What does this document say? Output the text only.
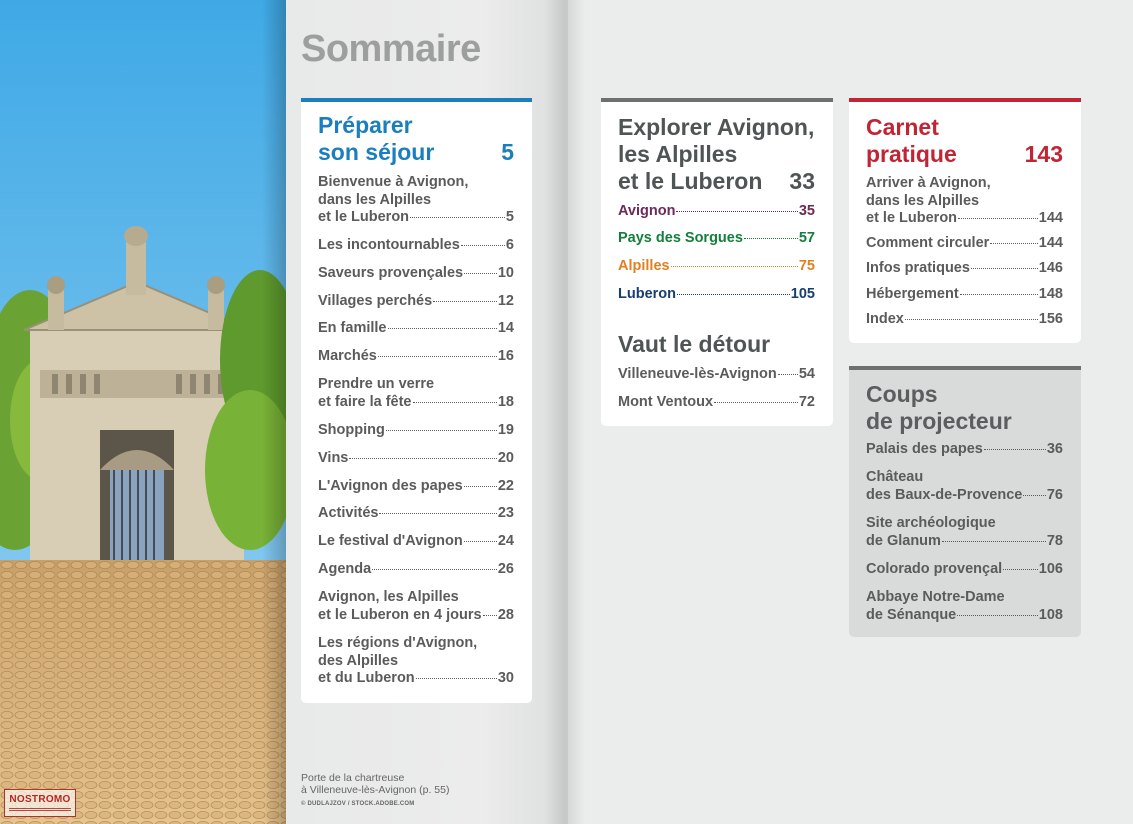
NOSTROMO
Sommaire
Préparer
son séjour	5
Bienvenue à Avignon,
dans les Alpilles
et le Luberon	5
Les incontournables	6
Saveurs provençales 10
Villages perchés	12
En famille	14
Marchés	16
Prendre un verre
et faire la fête	18
Shopping	19
Vins	20
L'Avignon des papes 22
Activités	23
Le festival d'Avignon 24
Agenda	26
Avignon, les Alpilles
et le Luberon en 4 jours 28
Les régions d'Avignon,
des Alpilles
et du Luberon	30
Explorer Avignon,
les Alpilles
et le Luberon	33
Avignon	35
Pays des Sorgues	57
Alpilles	75
Luberon	105
Vaut le détour
Villeneuve-lès-Avignon 54
Mont Ventoux	72
Carnet
pratique	143
Arriver à Avignon,
dans les Alpilles
et le Luberon	144
Comment circuler	144
Infos pratiques	146
Hébergement	148
Index	156
Coups
de projecteur
Palais des papes	36
Château
des Baux-de-Provence 76
Site archéologique
de Glanum	78
Colorado provençal	106
Abbaye Notre-Dame
de Sénanque	108
Porte de la chartreuse
à Villeneuve-lès-Avignon (p. 55)
© DUDLAJZOV / STOCK.ADOBE.COM
